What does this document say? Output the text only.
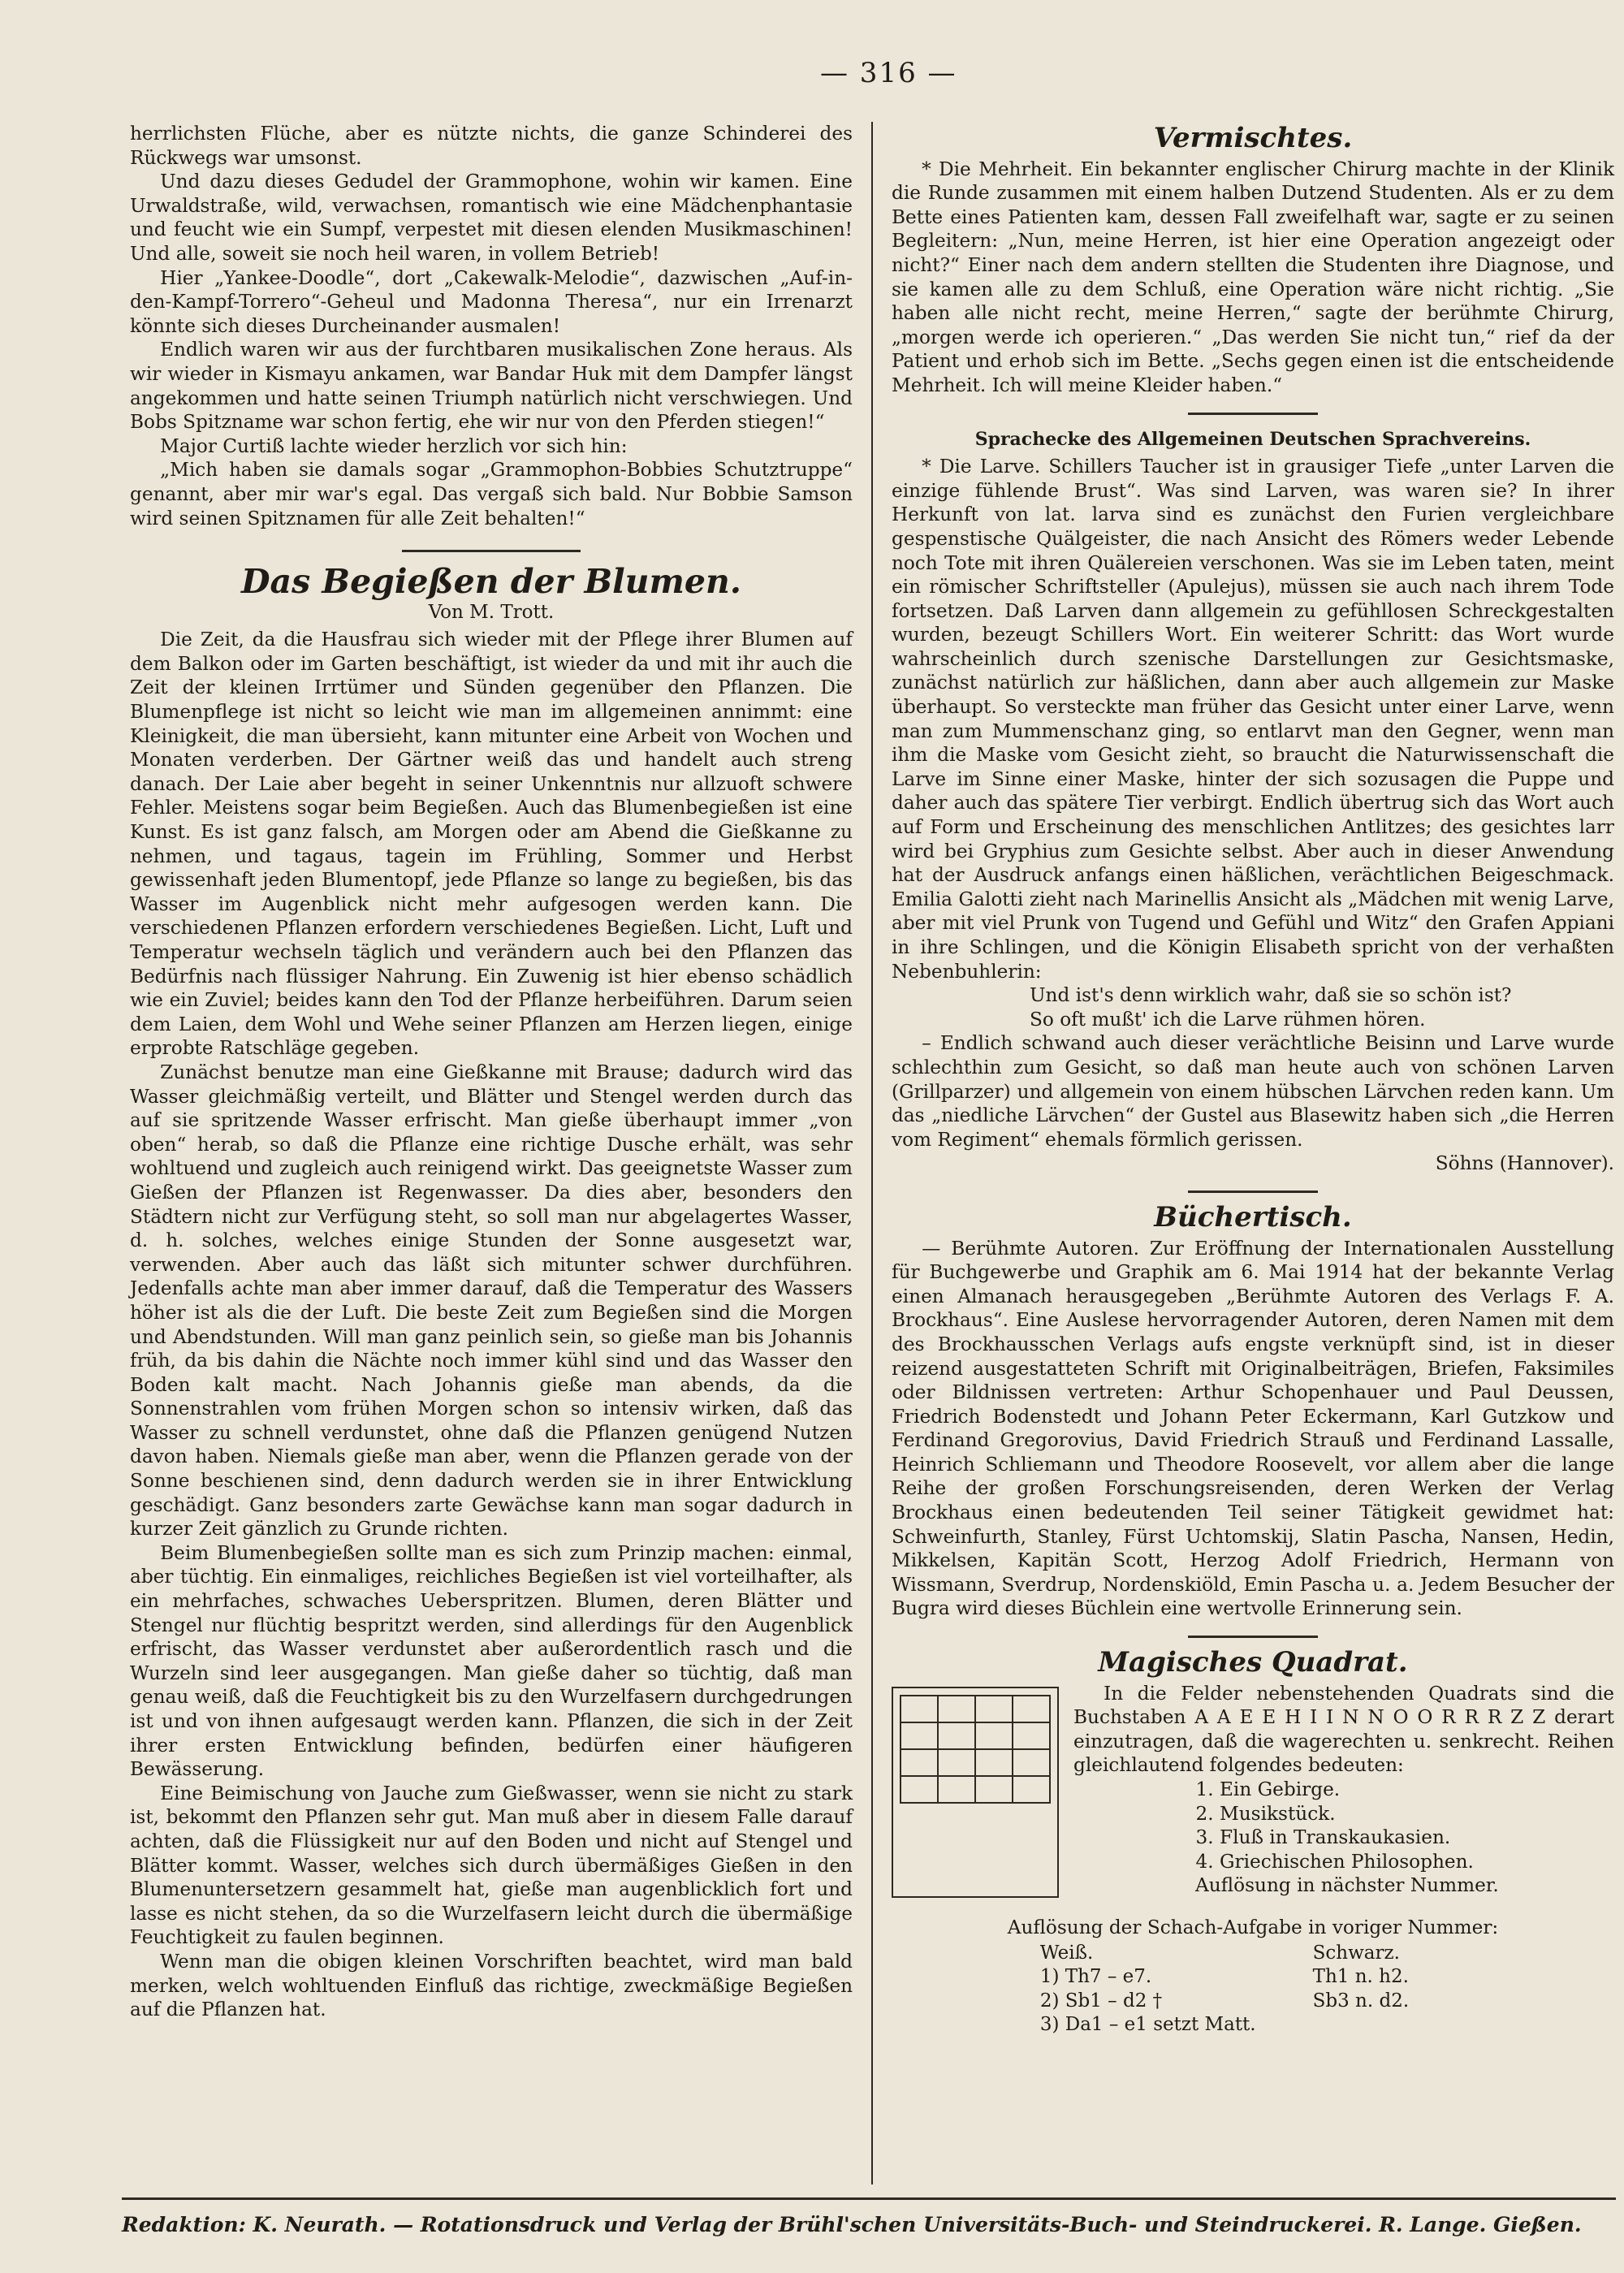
— 316 —

herrlichsten Flüche, aber es nützte nichts, die ganze Schinderei des Rückwegs war umsonst.

Und dazu dieses Gedudel der Grammophone, wohin wir kamen. Eine Urwaldstraße, wild, verwachsen, romantisch wie eine Mädchenphantasie und feucht wie ein Sumpf, verpestet mit diesen elenden Musikmaschinen! Und alle, soweit sie noch heil waren, in vollem Betrieb!

Hier „Yankee-Doodle“, dort „Cakewalk-Melodie“, dazwischen „Auf-in-den-Kampf-Torrero“-Geheul und Madonna Theresa“, nur ein Irrenarzt könnte sich dieses Durcheinander ausmalen!

Endlich waren wir aus der furchtbaren musikalischen Zone heraus. Als wir wieder in Kismayu ankamen, war Bandar Huk mit dem Dampfer längst angekommen und hatte seinen Triumph natürlich nicht verschwiegen. Und Bobs Spitzname war schon fertig, ehe wir nur von den Pferden stiegen!“

Major Curtiß lachte wieder herzlich vor sich hin:

„Mich haben sie damals sogar „Grammophon-Bobbies Schutztruppe“ genannt, aber mir war's egal. Das vergaß sich bald. Nur Bobbie Samson wird seinen Spitznamen für alle Zeit behalten!“

Das Begießen der Blumen.
Von M. Trott.

Die Zeit, da die Hausfrau sich wieder mit der Pflege ihrer Blumen auf dem Balkon oder im Garten beschäftigt, ist wieder da und mit ihr auch die Zeit der kleinen Irrtümer und Sünden gegenüber den Pflanzen. Die Blumenpflege ist nicht so leicht wie man im allgemeinen annimmt: eine Kleinigkeit, die man übersieht, kann mitunter eine Arbeit von Wochen und Monaten verderben. Der Gärtner weiß das und handelt auch streng danach. Der Laie aber begeht in seiner Unkenntnis nur allzuoft schwere Fehler. Meistens sogar beim Begießen. Auch das Blumenbegießen ist eine Kunst. Es ist ganz falsch, am Morgen oder am Abend die Gießkanne zu nehmen, und tagaus, tagein im Frühling, Sommer und Herbst gewissenhaft jeden Blumentopf, jede Pflanze so lange zu begießen, bis das Wasser im Augenblick nicht mehr aufgesogen werden kann. Die verschiedenen Pflanzen erfordern verschiedenes Begießen. Licht, Luft und Temperatur wechseln täglich und verändern auch bei den Pflanzen das Bedürfnis nach flüssiger Nahrung. Ein Zuwenig ist hier ebenso schädlich wie ein Zuviel; beides kann den Tod der Pflanze herbeiführen. Darum seien dem Laien, dem Wohl und Wehe seiner Pflanzen am Herzen liegen, einige erprobte Ratschläge gegeben.

Zunächst benutze man eine Gießkanne mit Brause; dadurch wird das Wasser gleichmäßig verteilt, und Blätter und Stengel werden durch das auf sie spritzende Wasser erfrischt. Man gieße überhaupt immer „von oben“ herab, so daß die Pflanze eine richtige Dusche erhält, was sehr wohltuend und zugleich auch reinigend wirkt. Das geeignetste Wasser zum Gießen der Pflanzen ist Regenwasser. Da dies aber, besonders den Städtern nicht zur Verfügung steht, so soll man nur abgelagertes Wasser, d. h. solches, welches einige Stunden der Sonne ausgesetzt war, verwenden. Aber auch das läßt sich mitunter schwer durchführen. Jedenfalls achte man aber immer darauf, daß die Temperatur des Wassers höher ist als die der Luft. Die beste Zeit zum Begießen sind die Morgen und Abendstunden. Will man ganz peinlich sein, so gieße man bis Johannis früh, da bis dahin die Nächte noch immer kühl sind und das Wasser den Boden kalt macht. Nach Johannis gieße man abends, da die Sonnenstrahlen vom frühen Morgen schon so intensiv wirken, daß das Wasser zu schnell verdunstet, ohne daß die Pflanzen genügend Nutzen davon haben. Niemals gieße man aber, wenn die Pflanzen gerade von der Sonne beschienen sind, denn dadurch werden sie in ihrer Entwicklung geschädigt. Ganz besonders zarte Gewächse kann man sogar dadurch in kurzer Zeit gänzlich zu Grunde richten.

Beim Blumenbegießen sollte man es sich zum Prinzip machen: einmal, aber tüchtig. Ein einmaliges, reichliches Begießen ist viel vorteilhafter, als ein mehrfaches, schwaches Ueberspritzen. Blumen, deren Blätter und Stengel nur flüchtig bespritzt werden, sind allerdings für den Augenblick erfrischt, das Wasser verdunstet aber außerordentlich rasch und die Wurzeln sind leer ausgegangen. Man gieße daher so tüchtig, daß man genau weiß, daß die Feuchtigkeit bis zu den Wurzelfasern durchgedrungen ist und von ihnen aufgesaugt werden kann. Pflanzen, die sich in der Zeit ihrer ersten Entwicklung befinden, bedürfen einer häufigeren Bewässerung.

Eine Beimischung von Jauche zum Gießwasser, wenn sie nicht zu stark ist, bekommt den Pflanzen sehr gut. Man muß aber in diesem Falle darauf achten, daß die Flüssigkeit nur auf den Boden und nicht auf Stengel und Blätter kommt. Wasser, welches sich durch übermäßiges Gießen in den Blumenuntersetzern gesammelt hat, gieße man augenblicklich fort und lasse es nicht stehen, da so die Wurzelfasern leicht durch die übermäßige Feuchtigkeit zu faulen beginnen.

Wenn man die obigen kleinen Vorschriften beachtet, wird man bald merken, welch wohltuenden Einfluß das richtige, zweckmäßige Begießen auf die Pflanzen hat.

Vermischtes.

* Die Mehrheit. Ein bekannter englischer Chirurg machte in der Klinik die Runde zusammen mit einem halben Dutzend Studenten. Als er zu dem Bette eines Patienten kam, dessen Fall zweifelhaft war, sagte er zu seinen Begleitern: „Nun, meine Herren, ist hier eine Operation angezeigt oder nicht?“ Einer nach dem andern stellten die Studenten ihre Diagnose, und sie kamen alle zu dem Schluß, eine Operation wäre nicht richtig. „Sie haben alle nicht recht, meine Herren,“ sagte der berühmte Chirurg, „morgen werde ich operieren.“ „Das werden Sie nicht tun,“ rief da der Patient und erhob sich im Bette. „Sechs gegen einen ist die entscheidende Mehrheit. Ich will meine Kleider haben.“

Sprachecke des Allgemeinen Deutschen Sprachvereins.

* Die Larve. Schillers Taucher ist in grausiger Tiefe „unter Larven die einzige fühlende Brust“. Was sind Larven, was waren sie? In ihrer Herkunft von lat. larva sind es zunächst den Furien vergleichbare gespenstische Quälgeister, die nach Ansicht des Römers weder Lebende noch Tote mit ihren Quälereien verschonen. Was sie im Leben taten, meint ein römischer Schriftsteller (Apulejus), müssen sie auch nach ihrem Tode fortsetzen. Daß Larven dann allgemein zu gefühllosen Schreckgestalten wurden, bezeugt Schillers Wort. Ein weiterer Schritt: das Wort wurde wahrscheinlich durch szenische Darstellungen zur Gesichtsmaske, zunächst natürlich zur häßlichen, dann aber auch allgemein zur Maske überhaupt. So versteckte man früher das Gesicht unter einer Larve, wenn man zum Mummenschanz ging, so entlarvt man den Gegner, wenn man ihm die Maske vom Gesicht zieht, so braucht die Naturwissenschaft die Larve im Sinne einer Maske, hinter der sich sozusagen die Puppe und daher auch das spätere Tier verbirgt. Endlich übertrug sich das Wort auch auf Form und Erscheinung des menschlichen Antlitzes; des gesichtes larr wird bei Gryphius zum Gesichte selbst. Aber auch in dieser Anwendung hat der Ausdruck anfangs einen häßlichen, verächtlichen Beigeschmack. Emilia Galotti zieht nach Marinellis Ansicht als „Mädchen mit wenig Larve, aber mit viel Prunk von Tugend und Gefühl und Witz“ den Grafen Appiani in ihre Schlingen, und die Königin Elisabeth spricht von der verhaßten Nebenbuhlerin:

Und ist's denn wirklich wahr, daß sie so schön ist?

So oft mußt' ich die Larve rühmen hören.

– Endlich schwand auch dieser verächtliche Beisinn und Larve wurde schlechthin zum Gesicht, so daß man heute auch von schönen Larven (Grillparzer) und allgemein von einem hübschen Lärvchen reden kann. Um das „niedliche Lärvchen“ der Gustel aus Blasewitz haben sich „die Herren vom Regiment“ ehemals förmlich gerissen.

Söhns (Hannover).
Büchertisch.

— Berühmte Autoren. Zur Eröffnung der Internationalen Ausstellung für Buchgewerbe und Graphik am 6. Mai 1914 hat der bekannte Verlag einen Almanach herausgegeben „Berühmte Autoren des Verlags F. A. Brockhaus“. Eine Auslese hervorragender Autoren, deren Namen mit dem des Brockhausschen Verlags aufs engste verknüpft sind, ist in dieser reizend ausgestatteten Schrift mit Originalbeiträgen, Briefen, Faksimiles oder Bildnissen vertreten: Arthur Schopenhauer und Paul Deussen, Friedrich Bodenstedt und Johann Peter Eckermann, Karl Gutzkow und Ferdinand Gregorovius, David Friedrich Strauß und Ferdinand Lassalle, Heinrich Schliemann und Theodore Roosevelt, vor allem aber die lange Reihe der großen Forschungsreisenden, deren Werken der Verlag Brockhaus einen bedeutenden Teil seiner Tätigkeit gewidmet hat: Schweinfurth, Stanley, Fürst Uchtomskij, Slatin Pascha, Nansen, Hedin, Mikkelsen, Kapitän Scott, Herzog Adolf Friedrich, Hermann von Wissmann, Sverdrup, Nordenskiöld, Emin Pascha u. a. Jedem Besucher der Bugra wird dieses Büchlein eine wertvolle Erinnerung sein.

Magisches Quadrat.

In die Felder nebenstehenden Quadrats sind die Buchstaben A A E E H I I N N O O R R R Z Z derart einzutragen, daß die wagerechten u. senkrecht. Reihen gleichlautend folgendes bedeuten:

1. Ein Gebirge.
2. Musikstück.
3. Fluß in Transkaukasien.
4. Griechischen Philosophen.

Auflösung in nächster Nummer.

Auflösung der Schach-Aufgabe in voriger Nummer:
Weiß.	Schwarz.
1) Th7 – e7.	Th1 n. h2.
2) Sb1 – d2 †	Sb3 n. d2.
3) Da1 – e1 setzt Matt.	
Redaktion: K. Neurath. — Rotationsdruck und Verlag der Brühl'schen Universitäts-Buch- und Steindruckerei. R. Lange. Gießen.
